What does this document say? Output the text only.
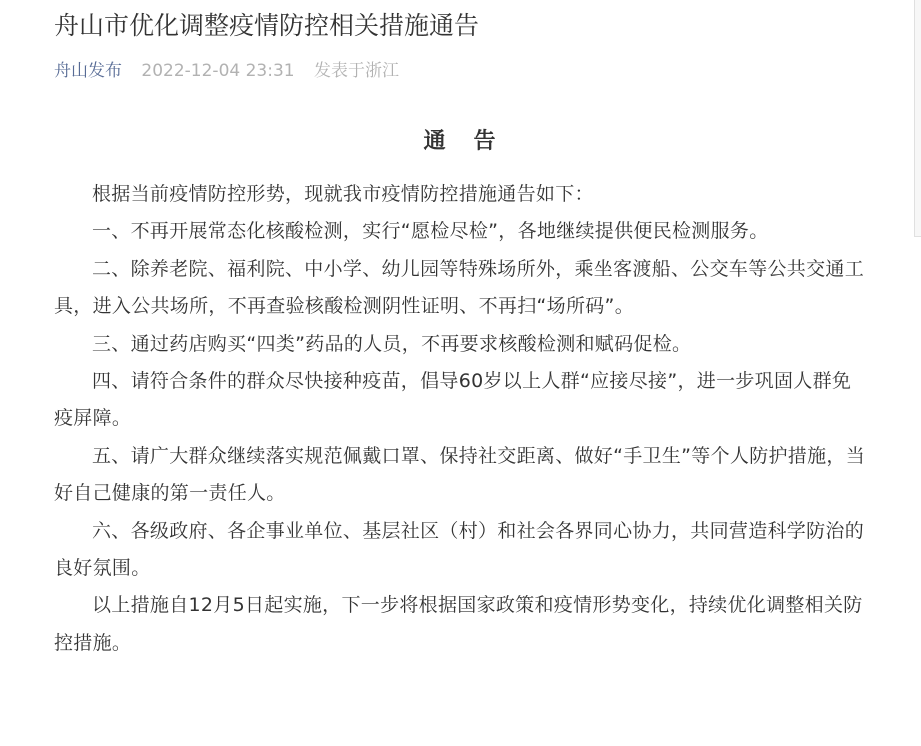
舟山市优化调整疫情防控相关措施通告
舟山发布 2022-12-04 23:31 发表于浙江
通 告

根据当前疫情防控形势，现就我市疫情防控措施通告如下：

一、不再开展常态化核酸检测，实行“愿检尽检”，各地继续提供便民检测服务。

二、除养老院、福利院、中小学、幼儿园等特殊场所外，乘坐客渡船、公交车等公共交通工具，进入公共场所，不再查验核酸检测阴性证明、不再扫“场所码”。

三、通过药店购买“四类”药品的人员，不再要求核酸检测和赋码促检。

四、请符合条件的群众尽快接种疫苗，倡导60岁以上人群“应接尽接”，进一步巩固人群免疫屏障。

五、请广大群众继续落实规范佩戴口罩、保持社交距离、做好“手卫生”等个人防护措施，当好自己健康的第一责任人。

六、各级政府、各企事业单位、基层社区（村）和社会各界同心协力，共同营造科学防治的良好氛围。

以上措施自12月5日起实施，下一步将根据国家政策和疫情形势变化，持续优化调整相关防控措施。
